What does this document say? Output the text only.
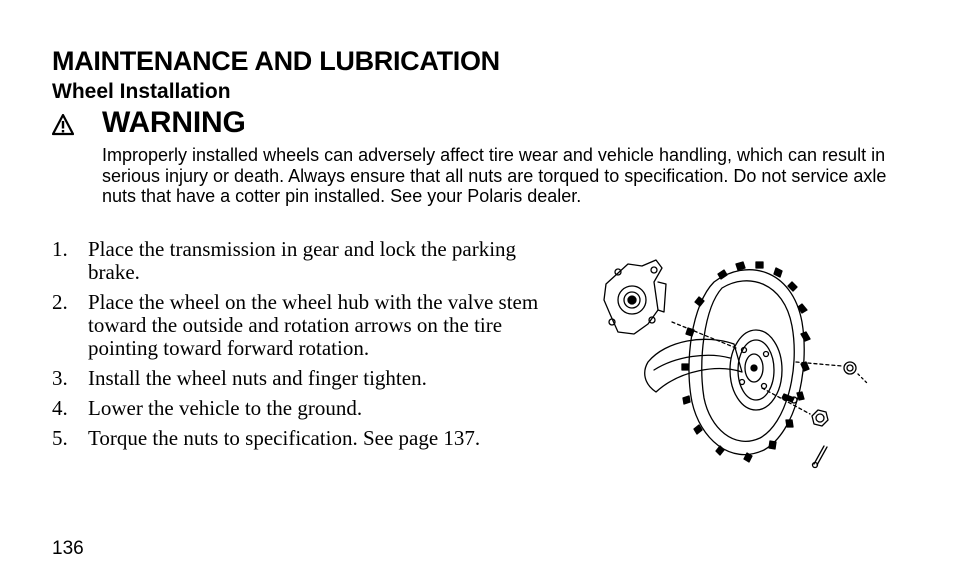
MAINTENANCE AND LUBRICATION
Wheel Installation
WARNING

Improperly installed wheels can adversely affect tire wear and vehicle handling, which can result in serious injury or death. Always ensure that all nuts are torqued to specification. Do not service axle nuts that have a cotter pin installed. See your Polaris dealer.

1. Place the transmission in gear and lock the parking brake.
2. Place the wheel on the wheel hub with the valve stem toward the outside and rotation arrows on the tire pointing toward forward rotation.
3. Install the wheel nuts and finger tighten.
4. Lower the vehicle to the ground.
5. Torque the nuts to specification. See page 137.
136
